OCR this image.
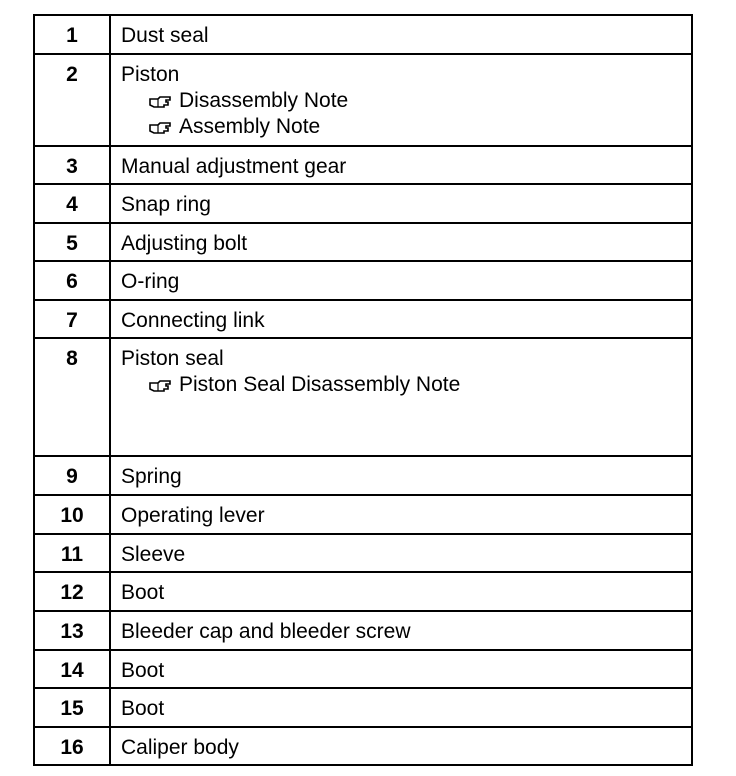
1	Dust seal

2	Piston
Disassembly Note
Assembly Note

3	Manual adjustment gear

4	Snap ring

5	Adjusting bolt

6	O-ring

7	Connecting link

8	Piston seal
Piston Seal Disassembly Note

9	Spring

10	Operating lever

11	Sleeve

12	Boot

13	Bleeder cap and bleeder screw

14	Boot

15	Boot

16	Caliper body
